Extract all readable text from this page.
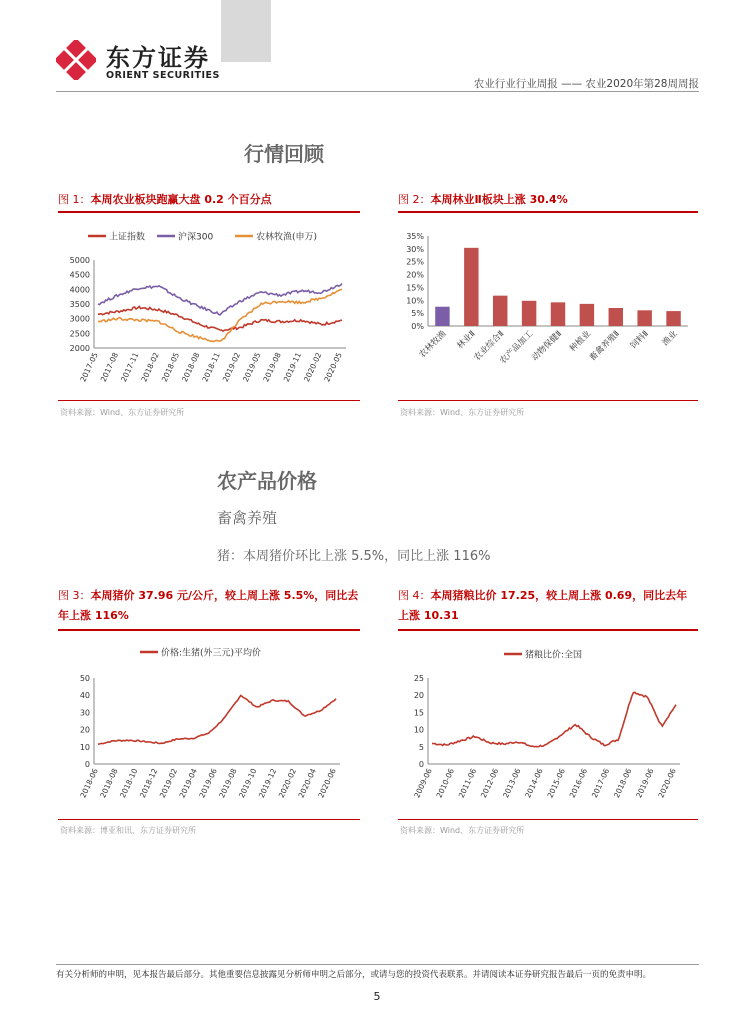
东方证券
ORIENT SECURITIES
农业行业行业周报 —— 农业2020年第28周周报
行情回顾
图 1：本周农业板块跑赢大盘 0.2 个百分点
上证指数	沪深300	农林牧渔(申万)
2000
2500
3000
3500
4000
4500
5000
2017-05
2017-08
2017-11
2018-02
2018-05
2018-08
2018-11
2019-02
2019-05
2019-08
2019-11
2020-02
2020-05
资料来源：Wind、东方证券研究所
图 2：本周林业Ⅱ板块上涨 30.4%
0%
5%
10%
15%
20%
25%
30%
35%
农林牧渔 林业Ⅱ
农业综合Ⅱ
农产品加工
动物保健Ⅱ 种植业
畜禽养殖Ⅱ 饲料Ⅱ 渔业
资料来源：Wind、东方证券研究所
农产品价格
畜禽养殖
猪：本周猪价环比上涨 5.5%，同比上涨 116%
图 3：本周猪价 37.96 元/公斤，较上周上涨 5.5%，同比去
年上涨 116%
价格:生猪(外三元)平均价
0
10
20
30
40
50
2018-06
2018-08
2018-10
2018-12
2019-02
2019-04
2019-06
2019-08
2019-10
2019-12
2020-02
2020-04
2020-06
资料来源：博亚和讯、东方证券研究所
图 4：本周猪粮比价 17.25，较上周上涨 0.69，同比去年
上涨 10.31
猪粮比价:全国
0
5
10
15
20
25
2009-06 2010-06 2011-06 2012-06 2013-06 2014-06 2015-06 2016-06 2017-06 2018-06 2019-06 2020-06
资料来源：Wind、东方证券研究所
有关分析师的申明，见本报告最后部分。其他重要信息披露见分析师申明之后部分，或请与您的投资代表联系。并请阅读本证券研究报告最后一页的免责申明。
5
